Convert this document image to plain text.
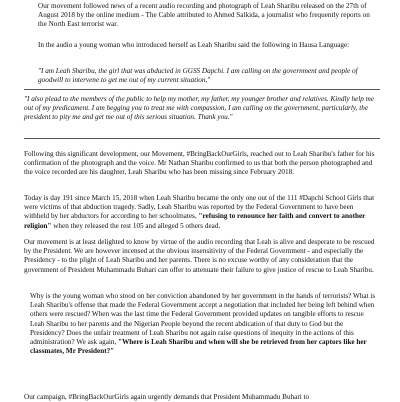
Our movement followed news of a recent audio recording and photograph of Leah Sharibu released on the 27th of August 2018 by the online medium - The Cable attributed to Ahmed Salkida, a journalist who frequently reports on the North East terrorist war.

In the audio a young woman who introduced herself as Leah Sharibu said the following in Hausa Language:

"I am Leah Sharibu, the girl that was abducted in GGSS Dapchi. I am calling on the government and people of goodwill to intervene to get me out of my current situation,"

"I also plead to the members of the public to help my mother, my father, my younger brother and relatives. Kindly help me out of my predicament. I am begging you to treat me with compassion, I am calling on the government, particularly, the president to pity me and get me out of this serious situation. Thank you."

Following this significant development, our Movement, #BringBackOurGirls, reached out to Leah Sharibu's father for his confirmation of the photograph and the voice. Mr Nathan Sharibu confirmed to us that both the person photographed and the voice recorded are his daughter, Leah Sharibu who has been missing since February 2018.

Today is day 191 since March 15, 2018 when Leah Sharibu became the only one out of the 111 #Dapchi School Girls that were victims of that abduction tragedy. Sadly, Leah Sharibu was reported by the Federal Government to have been withheld by her abductors for according to her schoolmates, "refusing to renounce her faith and convert to another religion" when they released the rest 105 and alleged 5 others dead.

Our movement is at least delighted to know by virtue of the audio recording that Leah is alive and desperate to be rescued by the President. We are however incensed at the obvious insensitivity of the Federal Government - and especially the Presidency - to the plight of Leah Sharibu and her parents. There is no excuse worthy of any consideration that the government of President Muhammadu Buhari can offer to attenuate their failure to give justice of rescue to Leah Sharibu.

Why is the young woman who stood on her conviction abandoned by her government in the hands of terrorists? What is Leah Sharibu's offense that made the Federal Government accept a negotiation that included her being left behind when others were rescued? When was the last time the Federal Government provided updates on tangible efforts to rescue Leah Sharibu to her parents and the Nigerian People beyond the recent abdication of that duty to God but the Presidency? Does the unfair treatment of Leah Sharibu not again raise questions of inequity in the actions of this administration? We ask again, "Where is Leah Sharibu and when will she be retrieved from her captors like her classmates, Mr President?"

Our campaign, #BringBackOurGirls again urgently demands that President Muhammadu Buhari to
